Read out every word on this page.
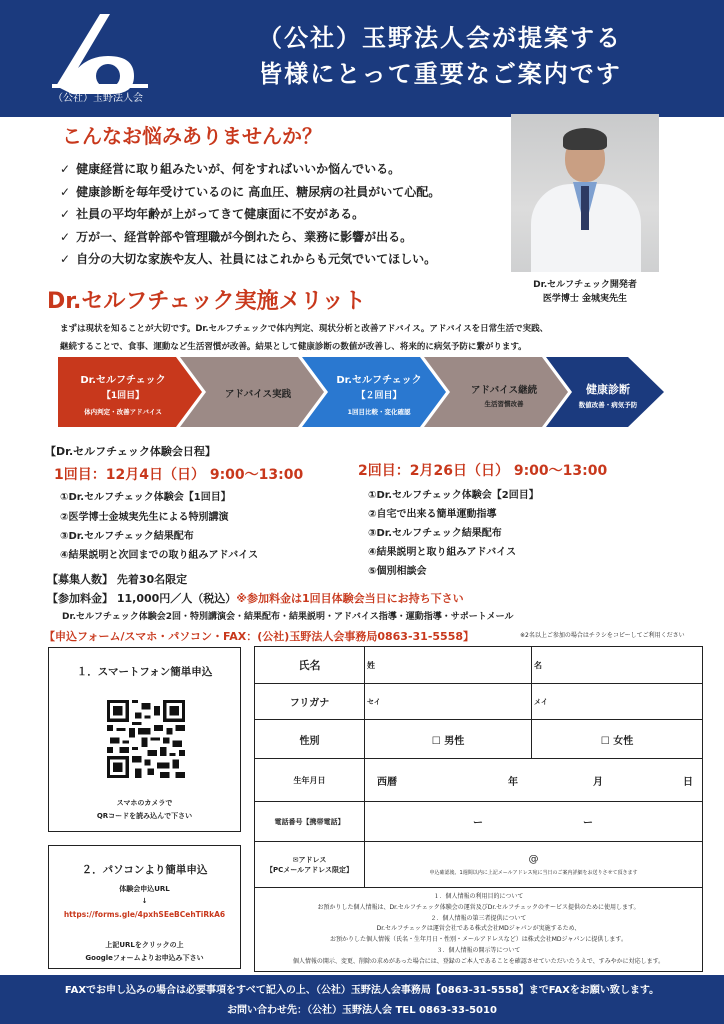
（公社）玉野法人会
（公社）玉野法人会が提案する
皆様にとって重要なご案内です
こんなお悩みありませんか？
✓ 健康経営に取り組みたいが、何をすればいいか悩んでいる。
✓ 健康診断を毎年受けているのに 高血圧、糖尿病の社員がいて心配。
✓ 社員の平均年齢が上がってきて健康面に不安がある。
✓ 万が一、経営幹部や管理職が今倒れたら、業務に影響が出る。
✓ 自分の大切な家族や友人、社員にはこれからも元気でいてほしい。
Dr.セルフチェック開発者
医学博士 金城実先生
Dr.セルフチェック実施メリット
まずは現状を知ることが大切です。Dr.セルフチェックで体内判定、現状分析と改善アドバイス。アドバイスを日常生活で実践、
継続することで、食事、運動など生活習慣が改善。結果として健康診断の数値が改善し、将来的に病気予防に繋がります。
Dr.セルフチェック
【1回目】
体内判定・改善アドバイス
アドバイス実践
Dr.セルフチェック
【２回目】
1回目比較・変化確認
アドバイス継続
生活習慣改善
健康診断
数値改善・病気予防
【Dr.セルフチェック体験会日程】
1回目：12月4日（日） 9:00～13:00
①Dr.セルフチェック体験会【1回目】
②医学博士金城実先生による特別講演
③Dr.セルフチェック結果配布
④結果説明と次回までの取り組みアドバイス
2回目：2月26日（日） 9:00～13:00
①Dr.セルフチェック体験会【2回目】
②自宅で出来る簡単運動指導
③Dr.セルフチェック結果配布
④結果説明と取り組みアドバイス
⑤個別相談会
【募集人数】 先着30名限定
【参加料金】 11,000円／人（税込）※参加料金は1回目体験会当日にお持ち下さい
Dr.セルフチェック体験会2回・特別講演会・結果配布・結果説明・アドバイス指導・運動指導・サポートメール
【申込フォーム/スマホ・パソコン・FAX：(公社)玉野法人会事務局0863-31-5558】	※2名以上ご参加の場合はチラシをコピーしてご利用ください
１．スマートフォン簡単申込
スマホのカメラで
QRコードを読み込んで下さい
２．パソコンより簡単申込
体験会申込URL
↓
https://forms.gle/4pxhSEeBCehTiRkA6
上記URLをクリックの上
Googleフォームよりお申込み下さい
氏名	姓	名
フリガナ	セイ	メイ
性別	☐ 男性	☐ 女性
生年月日	西暦	年	月	日
電話番号【携帯電話】	ー	ー
✉アドレス
【PCメールアドレス限定】
@
申込確認後、1週間以内に上記メールアドレス宛に当日のご案内詳細をお送りさせて頂きます
１．個人情報の利用目的について
お預かりした個人情報は、Dr.セルフチェック体験会の運営及びDr.セルフチェックのサービス提供のために使用します。
２．個人情報の第三者提供について
Dr.セルフチェックは運営会社である株式会社MDジャパンが実施するため、
お預かりした個人情報（氏名・生年月日・性別・メールアドレスなど）は株式会社MDジャパンに提供します。
３．個人情報の開示等について
個人情報の開示、変更、削除の求めがあった場合には、登録のご本人であることを確認させていただいたうえで、すみやかに対応します。
FAXでお申し込みの場合は必要事項をすべて記入の上、（公社）玉野法人会事務局【0863-31-5558】までFAXをお願い致します。
お問い合わせ先：（公社）玉野法人会 TEL 0863-33-5010
